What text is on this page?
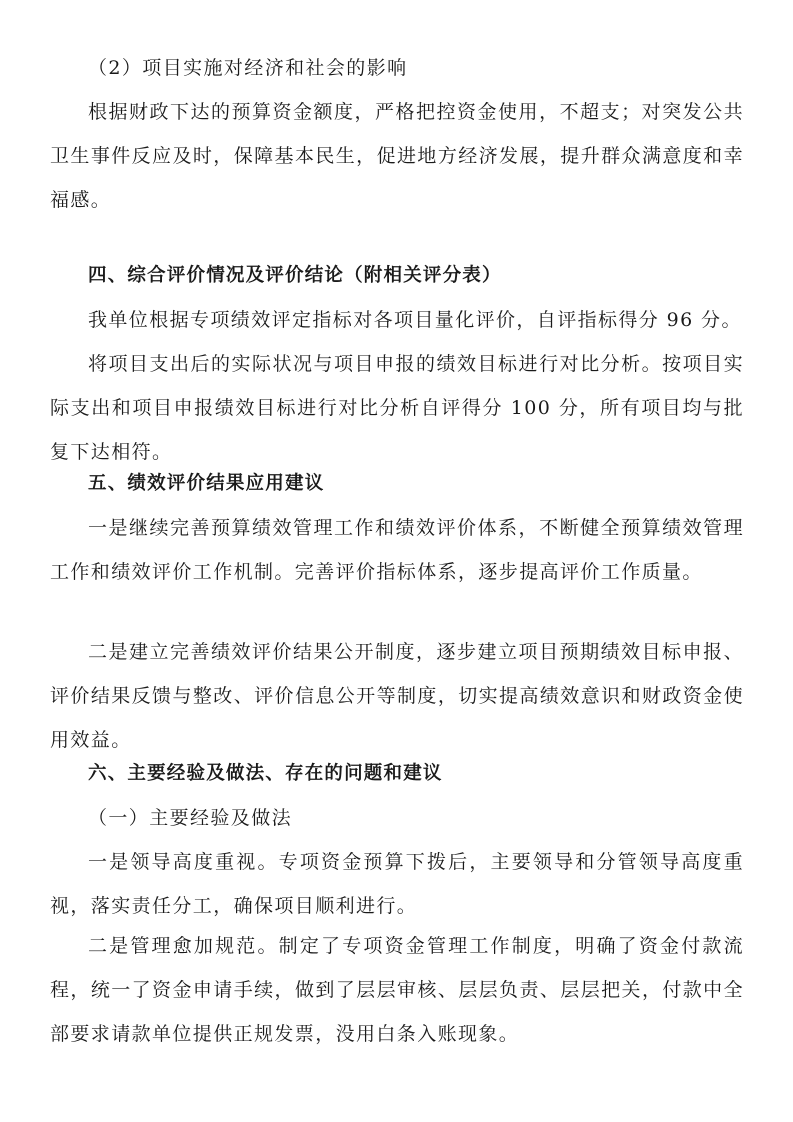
（2）项目实施对经济和社会的影响

根据财政下达的预算资金额度，严格把控资金使用，不超支；对突发公共卫生事件反应及时，保障基本民生，促进地方经济发展，提升群众满意度和幸福感。

四、综合评价情况及评价结论（附相关评分表）

我单位根据专项绩效评定指标对各项目量化评价，自评指标得分 96 分。

将项目支出后的实际状况与项目申报的绩效目标进行对比分析。按项目实际支出和项目申报绩效目标进行对比分析自评得分 100 分，所有项目均与批复下达相符。

五、绩效评价结果应用建议

一是继续完善预算绩效管理工作和绩效评价体系，不断健全预算绩效管理工作和绩效评价工作机制。完善评价指标体系，逐步提高评价工作质量。

二是建立完善绩效评价结果公开制度，逐步建立项目预期绩效目标申报、评价结果反馈与整改、评价信息公开等制度，切实提高绩效意识和财政资金使用效益。

六、主要经验及做法、存在的问题和建议

（一）主要经验及做法

一是领导高度重视。专项资金预算下拨后，主要领导和分管领导高度重视，落实责任分工，确保项目顺利进行。

二是管理愈加规范。制定了专项资金管理工作制度，明确了资金付款流程，统一了资金申请手续，做到了层层审核、层层负责、层层把关，付款中全部要求请款单位提供正规发票，没用白条入账现象。
